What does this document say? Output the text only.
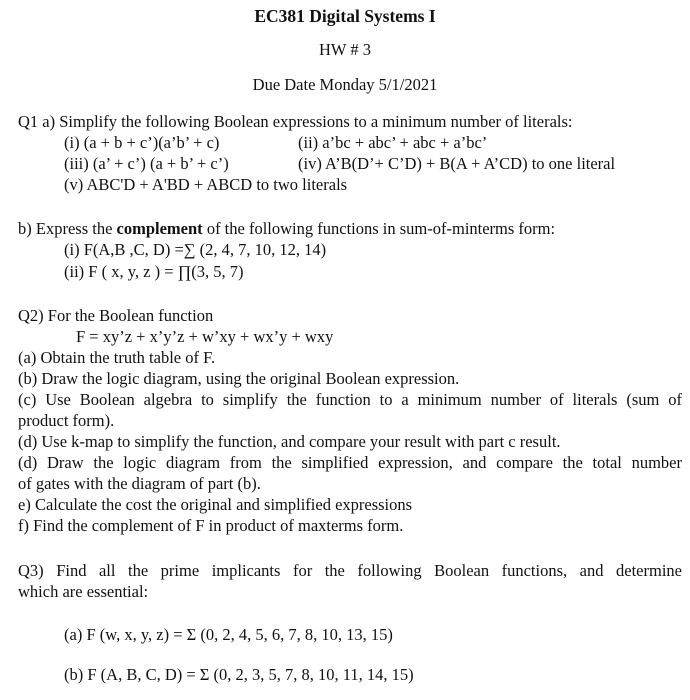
EC381 Digital Systems I
HW # 3
Due Date Monday 5/1/2021
Q1 a) Simplify the following Boolean expressions to a minimum number of literals:
(i) (a + b + c’)(a’b’ + c)	(ii) a’bc + abc’ + abc + a’bc’
(iii) (a’ + c’) (a + b’ + c’)	(iv) A’B(D’+ C’D) + B(A + A’CD) to one literal
(v) ABC'D + A'BD + ABCD to two literals
b) Express the complement of the following functions in sum-of-minterms form:
(i) F(A,B ,C, D) =∑ (2, 4, 7, 10, 12, 14)
(ii) F ( x, y, z ) = ∏(3, 5, 7)
Q2) For the Boolean function
F = xy’z + x’y’z + w’xy + wx’y + wxy
(a) Obtain the truth table of F.
(b) Draw the logic diagram, using the original Boolean expression.
(c) Use Boolean algebra to simplify the function to a minimum number of literals (sum of
product form).
(d) Use k-map to simplify the function, and compare your result with part c result.
(d) Draw the logic diagram from the simplified expression, and compare the total number
of gates with the diagram of part (b).
e) Calculate the cost the original and simplified expressions
f) Find the complement of F in product of maxterms form.
Q3) Find all the prime implicants for the following Boolean functions, and determine
which are essential:
(a) F (w, x, y, z) = Σ (0, 2, 4, 5, 6, 7, 8, 10, 13, 15)
(b) F (A, B, C, D) = Σ (0, 2, 3, 5, 7, 8, 10, 11, 14, 15)
